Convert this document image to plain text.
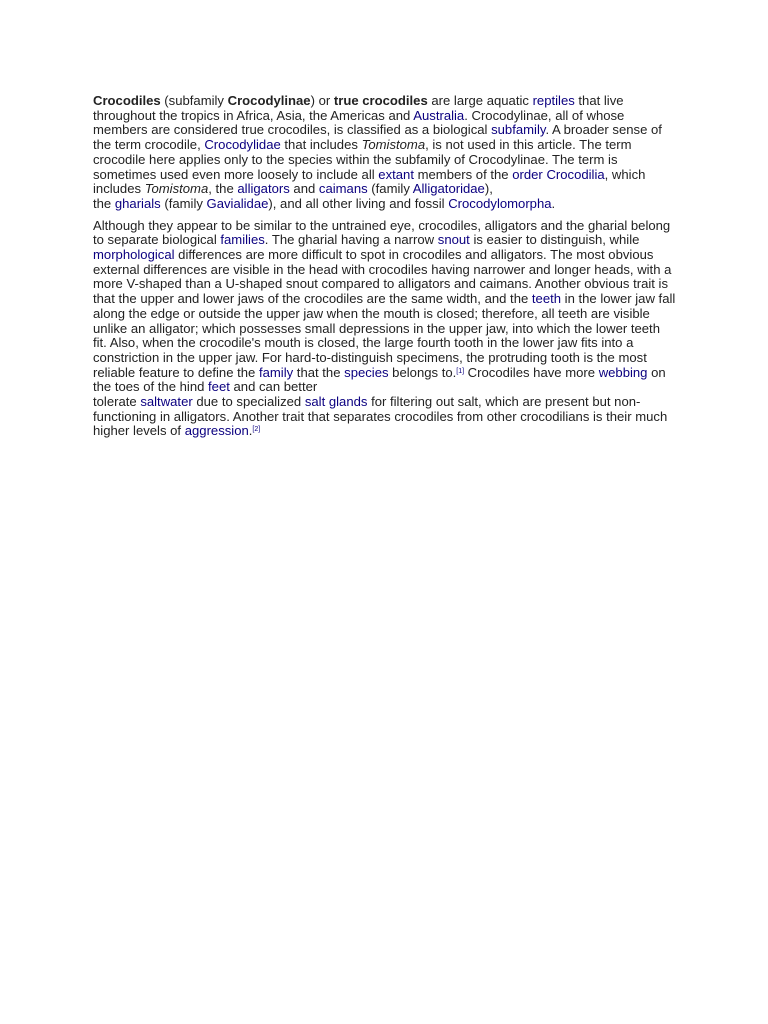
Crocodiles (subfamily Crocodylinae) or true crocodiles are large aquatic reptiles that live throughout the tropics in Africa, Asia, the Americas and Australia. Crocodylinae, all of whose members are considered true crocodiles, is classified as a biological subfamily. A broader sense of the term crocodile, Crocodylidae that includes Tomistoma, is not used in this article. The term crocodile here applies only to the species within the subfamily of Crocodylinae. The term is sometimes used even more loosely to include all extant members of the order Crocodilia, which includes Tomistoma, the alligators and caimans (family Alligatoridae),
the gharials (family Gavialidae), and all other living and fossil Crocodylomorpha.

Although they appear to be similar to the untrained eye, crocodiles, alligators and the gharial belong to separate biological families. The gharial having a narrow snout is easier to distinguish, while morphological differences are more difficult to spot in crocodiles and alligators. The most obvious external differences are visible in the head with crocodiles having narrower and longer heads, with a more V-shaped than a U-shaped snout compared to alligators and caimans. Another obvious trait is that the upper and lower jaws of the crocodiles are the same width, and the teeth in the lower jaw fall along the edge or outside the upper jaw when the mouth is closed; therefore, all teeth are visible unlike an alligator; which possesses small depressions in the upper jaw, into which the lower teeth fit. Also, when the crocodile's mouth is closed, the large fourth tooth in the lower jaw fits into a constriction in the upper jaw. For hard-to-distinguish specimens, the protruding tooth is the most reliable feature to define the family that the species belongs to.[1] Crocodiles have more webbing on the toes of the hind feet and can better
tolerate saltwater due to specialized salt glands for filtering out salt, which are present but non-functioning in alligators. Another trait that separates crocodiles from other crocodilians is their much higher levels of aggression.[2]
